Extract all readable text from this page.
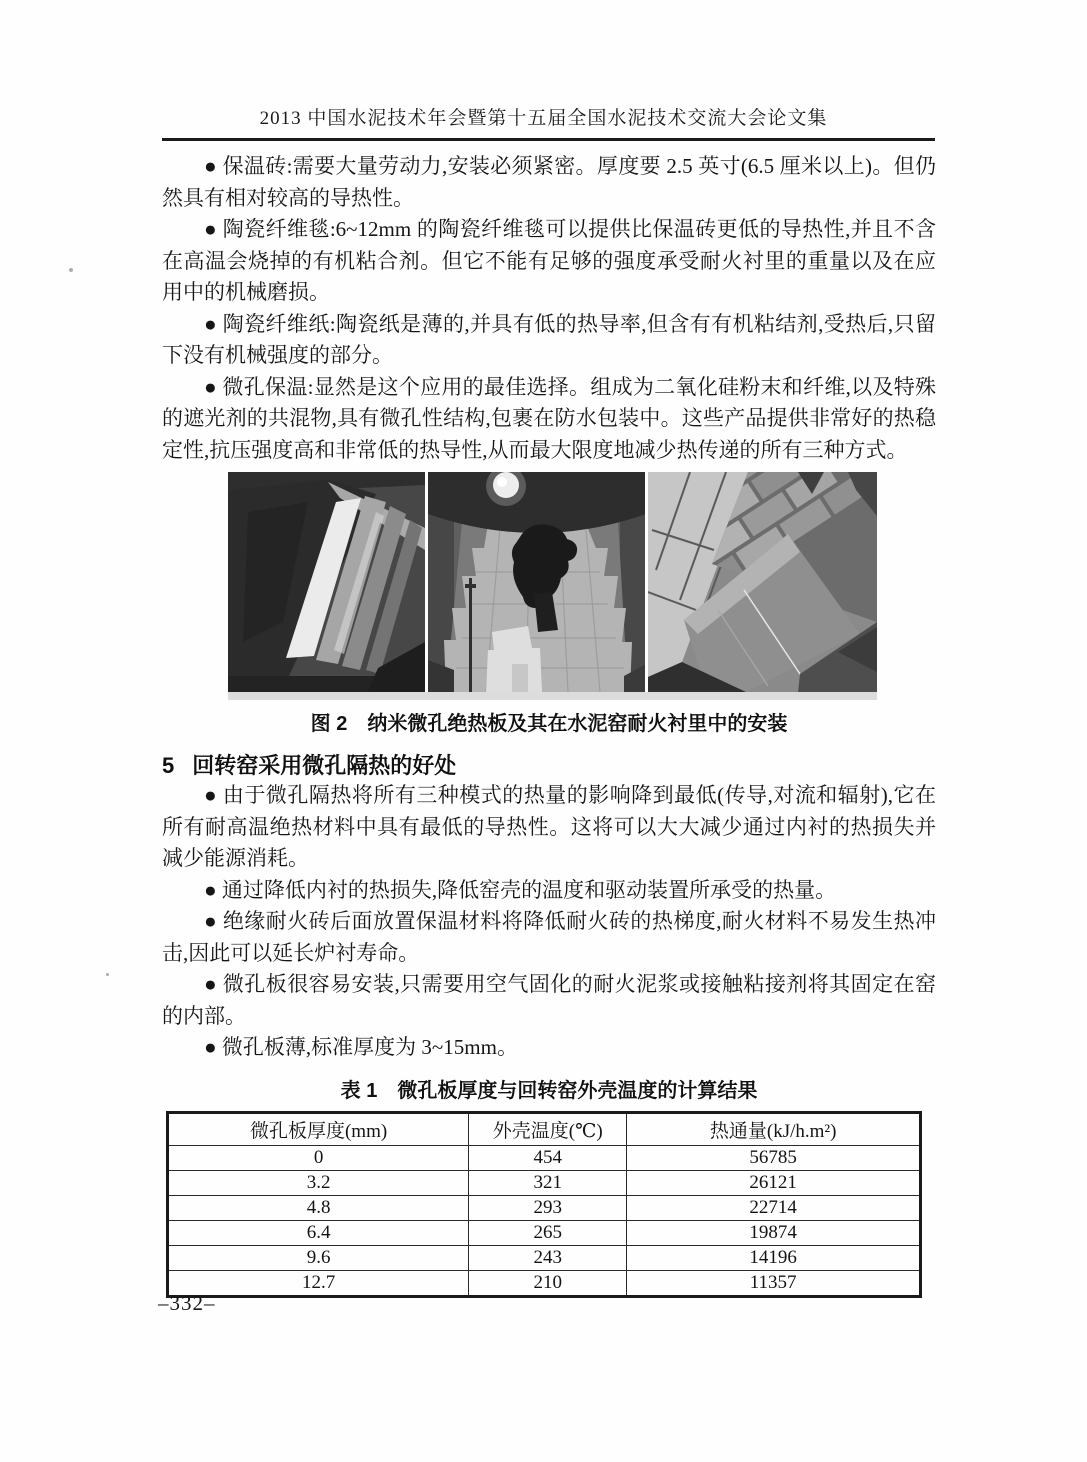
2013 中国水泥技术年会暨第十五届全国水泥技术交流大会论文集

● 保温砖:需要大量劳动力,安装必须紧密。厚度要 2.5 英寸(6.5 厘米以上)。但仍然具有相对较高的导热性。

● 陶瓷纤维毯:6~12mm 的陶瓷纤维毯可以提供比保温砖更低的导热性,并且不含在高温会烧掉的有机粘合剂。但它不能有足够的强度承受耐火衬里的重量以及在应用中的机械磨损。

● 陶瓷纤维纸:陶瓷纸是薄的,并具有低的热导率,但含有有机粘结剂,受热后,只留下没有机械强度的部分。

● 微孔保温:显然是这个应用的最佳选择。组成为二氧化硅粉末和纤维,以及特殊的遮光剂的共混物,具有微孔性结构,包裹在防水包装中。这些产品提供非常好的热稳定性,抗压强度高和非常低的热导性,从而最大限度地减少热传递的所有三种方式。

图 2　纳米微孔绝热板及其在水泥窑耐火衬里中的安装
5 回转窑采用微孔隔热的好处

● 由于微孔隔热将所有三种模式的热量的影响降到最低(传导,对流和辐射),它在所有耐高温绝热材料中具有最低的导热性。这将可以大大减少通过内衬的热损失并减少能源消耗。

● 通过降低内衬的热损失,降低窑壳的温度和驱动装置所承受的热量。

● 绝缘耐火砖后面放置保温材料将降低耐火砖的热梯度,耐火材料不易发生热冲击,因此可以延长炉衬寿命。

● 微孔板很容易安装,只需要用空气固化的耐火泥浆或接触粘接剂将其固定在窑的内部。

● 微孔板薄,标准厚度为 3~15mm。

表 1　微孔板厚度与回转窑外壳温度的计算结果
微孔板厚度(mm)	外壳温度(℃)	热通量(kJ/h.m²)
0	454	56785
3.2	321	26121
4.8	293	22714
6.4	265	19874
9.6	243	14196
12.7	210	11357
–332–
